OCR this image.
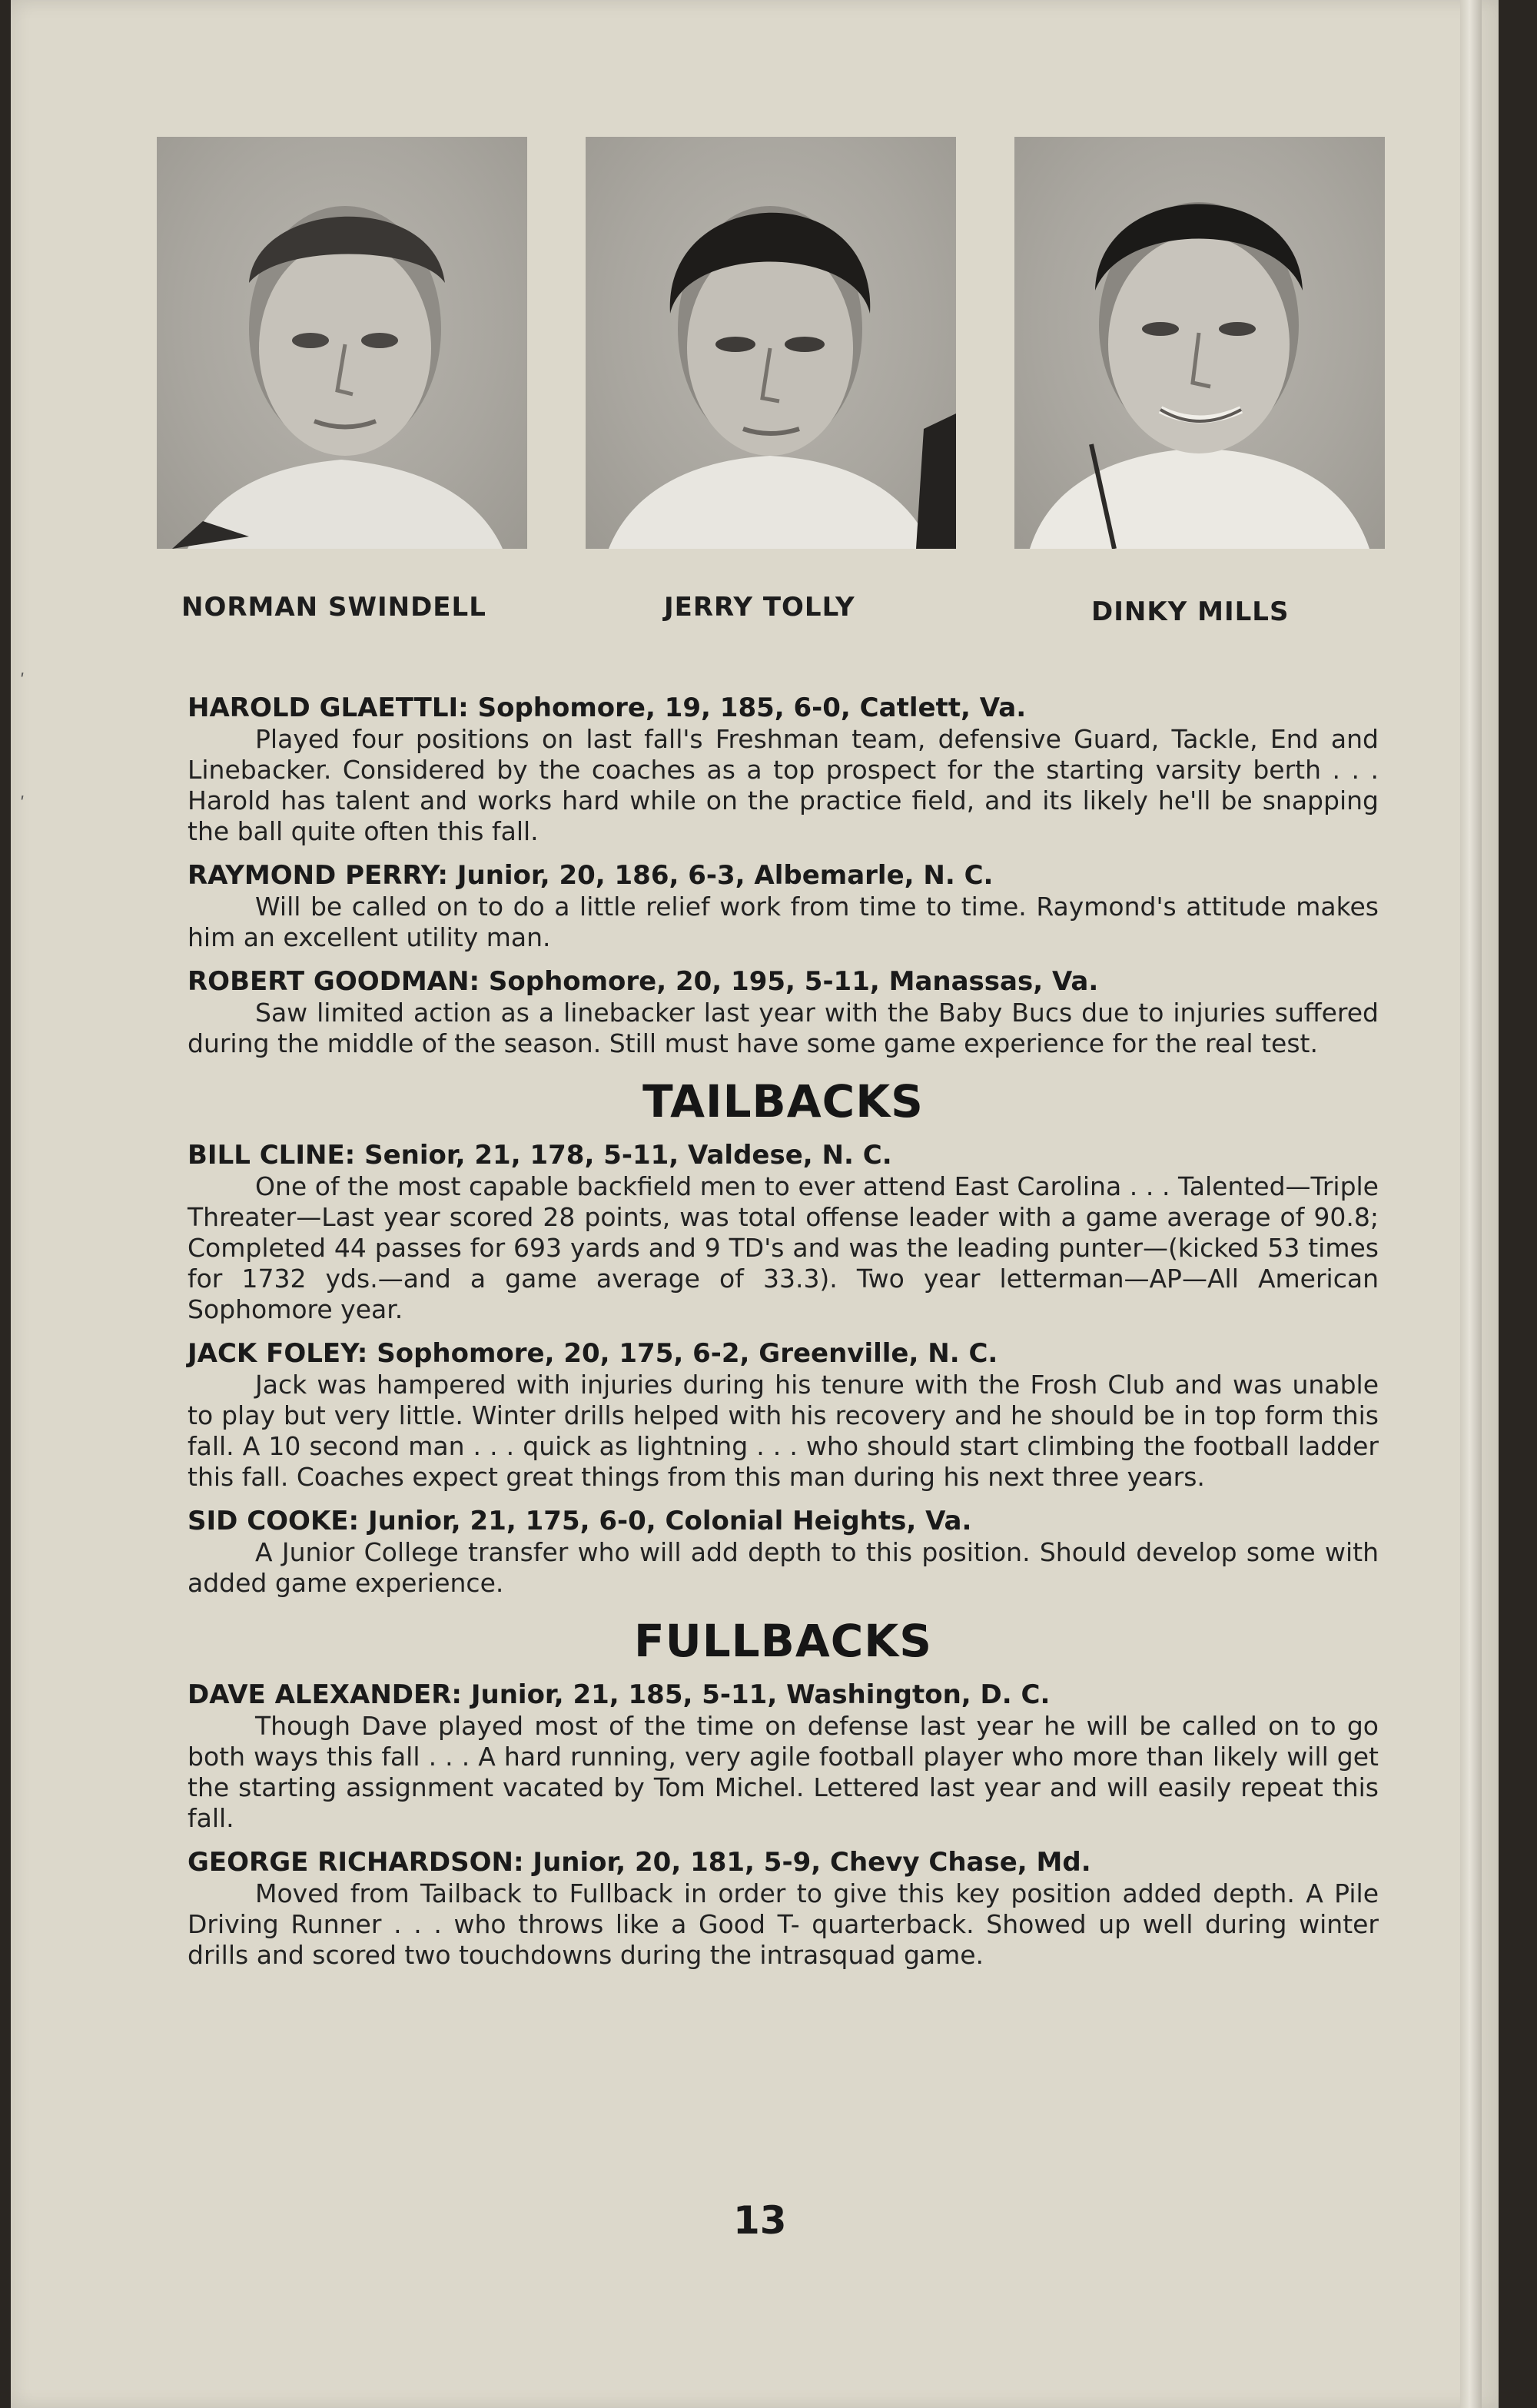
ʹ
ʹ
NORMAN SWINDELL	JERRY TOLLY	DINKY MILLS
HAROLD GLAETTLI: Sophomore, 19, 185, 6-0, Catlett, Va.
Played four positions on last fall's Freshman team, defensive Guard, Tackle, End and Linebacker. Considered by the coaches as a top prospect for the starting varsity berth . . . Harold has talent and works hard while on the practice field, and its likely he'll be snapping the ball quite often this fall.
RAYMOND PERRY: Junior, 20, 186, 6-3, Albemarle, N. C.
Will be called on to do a little relief work from time to time. Raymond's attitude makes him an excellent utility man.
ROBERT GOODMAN: Sophomore, 20, 195, 5-11, Manassas, Va.
Saw limited action as a linebacker last year with the Baby Bucs due to injuries suffered during the middle of the season. Still must have some game experience for the real test.
TAILBACKS
BILL CLINE: Senior, 21, 178, 5-11, Valdese, N. C.
One of the most capable backfield men to ever attend East Carolina . . . Talented—Triple Threater—Last year scored 28 points, was total offense leader with a game average of 90.8; Completed 44 passes for 693 yards and 9 TD's and was the leading punter—(kicked 53 times for 1732 yds.—and a game average of 33.3). Two year letterman—AP—All American Sophomore year.
JACK FOLEY: Sophomore, 20, 175, 6-2, Greenville, N. C.
Jack was hampered with injuries during his tenure with the Frosh Club and was unable to play but very little. Winter drills helped with his recovery and he should be in top form this fall. A 10 second man . . . quick as lightning . . . who should start climbing the football ladder this fall. Coaches expect great things from this man during his next three years.
SID COOKE: Junior, 21, 175, 6-0, Colonial Heights, Va.
A Junior College transfer who will add depth to this position. Should develop some with added game experience.
FULLBACKS
DAVE ALEXANDER: Junior, 21, 185, 5-11, Washington, D. C.
Though Dave played most of the time on defense last year he will be called on to go both ways this fall . . . A hard running, very agile football player who more than likely will get the starting assignment vacated by Tom Michel. Lettered last year and will easily repeat this fall.
GEORGE RICHARDSON: Junior, 20, 181, 5-9, Chevy Chase, Md.
Moved from Tailback to Fullback in order to give this key position added depth. A Pile Driving Runner . . . who throws like a Good T- quarterback. Showed up well during winter drills and scored two touchdowns during the intrasquad game.
13
